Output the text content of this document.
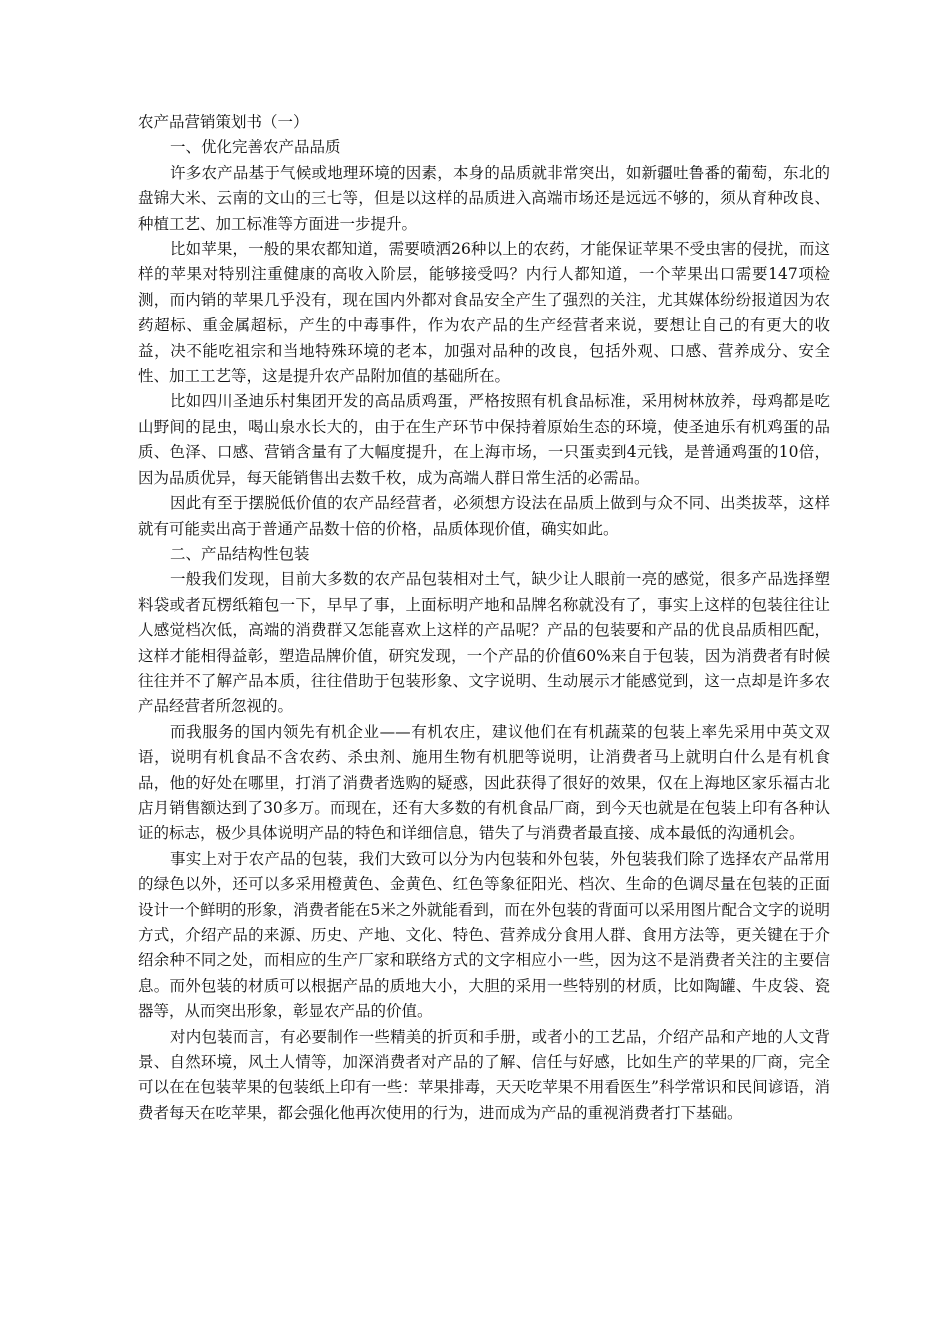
农产品营销策划书（一）

一、优化完善农产品品质

许多农产品基于气候或地理环境的因素，本身的品质就非常突出，如新疆吐鲁番的葡萄，东北的盘锦大米、云南的文山的三七等，但是以这样的品质进入高端市场还是远远不够的，须从育种改良、种植工艺、加工标准等方面进一步提升。

比如苹果，一般的果农都知道，需要喷洒26种以上的农药，才能保证苹果不受虫害的侵扰，而这样的苹果对特别注重健康的高收入阶层，能够接受吗？内行人都知道，一个苹果出口需要147项检测，而内销的苹果几乎没有，现在国内外都对食品安全产生了强烈的关注，尤其媒体纷纷报道因为农药超标、重金属超标，产生的中毒事件，作为农产品的生产经营者来说，要想让自己的有更大的收益，决不能吃祖宗和当地特殊环境的老本，加强对品种的改良，包括外观、口感、营养成分、安全性、加工工艺等，这是提升农产品附加值的基础所在。

比如四川圣迪乐村集团开发的高品质鸡蛋，严格按照有机食品标准，采用树林放养，母鸡都是吃山野间的昆虫，喝山泉水长大的，由于在生产环节中保持着原始生态的环境，使圣迪乐有机鸡蛋的品质、色泽、口感、营销含量有了大幅度提升，在上海市场，一只蛋卖到4元钱，是普通鸡蛋的10倍，因为品质优异，每天能销售出去数千枚，成为高端人群日常生活的必需品。

因此有至于摆脱低价值的农产品经营者，必须想方设法在品质上做到与众不同、出类拔萃，这样就有可能卖出高于普通产品数十倍的价格，品质体现价值，确实如此。

二、产品结构性包装

一般我们发现，目前大多数的农产品包装相对土气，缺少让人眼前一亮的感觉，很多产品选择塑料袋或者瓦楞纸箱包一下，早早了事，上面标明产地和品牌名称就没有了，事实上这样的包装往往让人感觉档次低，高端的消费群又怎能喜欢上这样的产品呢？产品的包装要和产品的优良品质相匹配，这样才能相得益彰，塑造品牌价值，研究发现，一个产品的价值60%来自于包装，因为消费者有时候往往并不了解产品本质，往往借助于包装形象、文字说明、生动展示才能感觉到，这一点却是许多农产品经营者所忽视的。

而我服务的国内领先有机企业——有机农庄，建议他们在有机蔬菜的包装上率先采用中英文双语，说明有机食品不含农药、杀虫剂、施用生物有机肥等说明，让消费者马上就明白什么是有机食品，他的好处在哪里，打消了消费者选购的疑惑，因此获得了很好的效果，仅在上海地区家乐福古北店月销售额达到了30多万。而现在，还有大多数的有机食品厂商，到今天也就是在包装上印有各种认证的标志，极少具体说明产品的特色和详细信息，错失了与消费者最直接、成本最低的沟通机会。

事实上对于农产品的包装，我们大致可以分为内包装和外包装，外包装我们除了选择农产品常用的绿色以外，还可以多采用橙黄色、金黄色、红色等象征阳光、档次、生命的色调尽量在包装的正面设计一个鲜明的形象，消费者能在5米之外就能看到，而在外包装的背面可以采用图片配合文字的说明方式，介绍产品的来源、历史、产地、文化、特色、营养成分食用人群、食用方法等，更关键在于介绍余种不同之处，而相应的生产厂家和联络方式的文字相应小一些，因为这不是消费者关注的主要信息。而外包装的材质可以根据产品的质地大小，大胆的采用一些特别的材质，比如陶罐、牛皮袋、瓷器等，从而突出形象，彰显农产品的价值。

对内包装而言，有必要制作一些精美的折页和手册，或者小的工艺品，介绍产品和产地的人文背景、自然环境，风土人情等，加深消费者对产品的了解、信任与好感，比如生产的苹果的厂商，完全可以在在包装苹果的包装纸上印有一些：苹果排毒，天天吃苹果不用看医生”科学常识和民间谚语，消费者每天在吃苹果，都会强化他再次使用的行为，进而成为产品的重视消费者打下基础。
